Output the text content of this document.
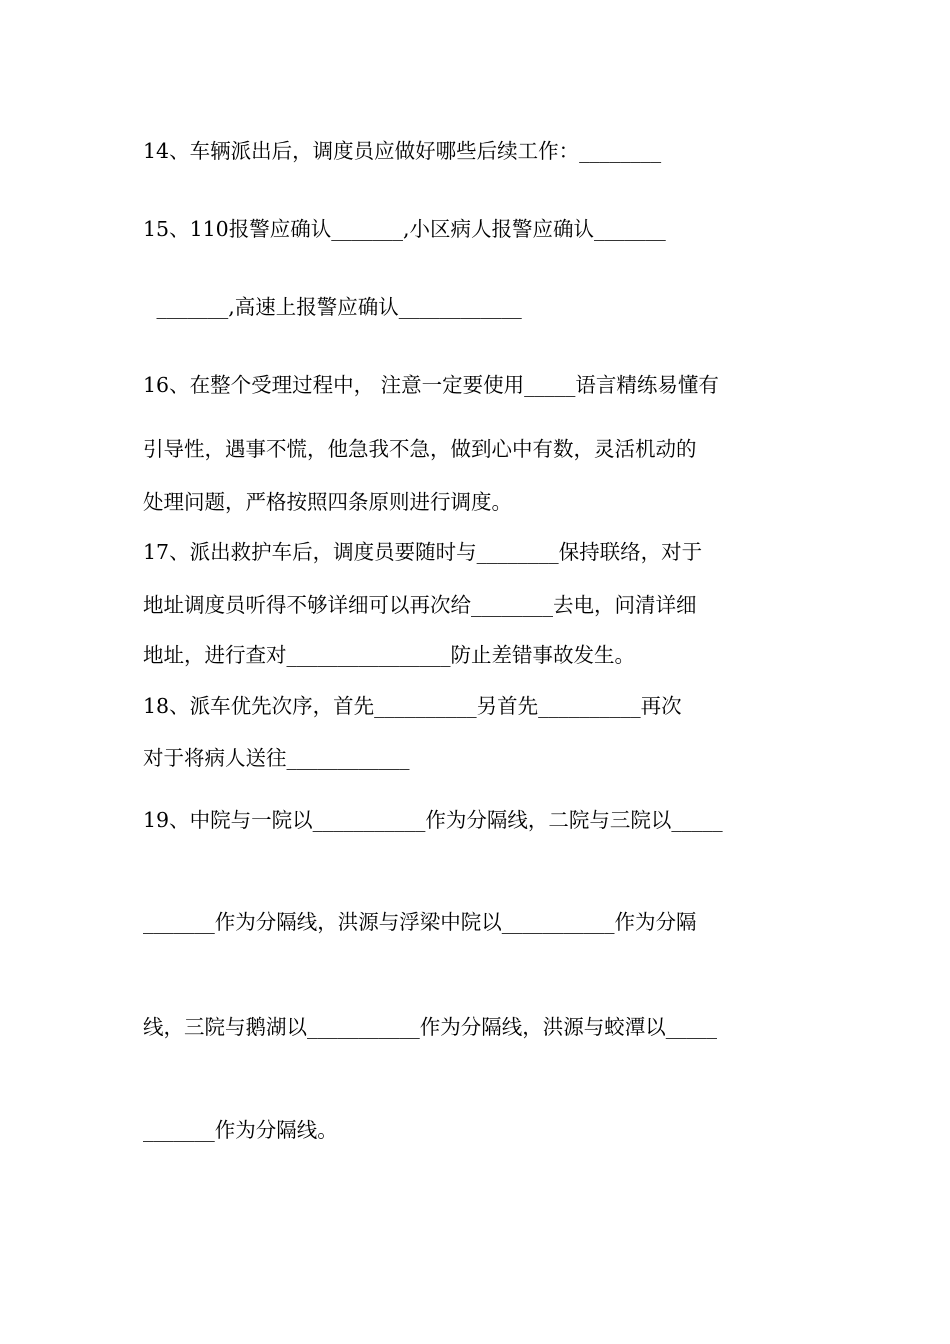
14、车辆派出后，调度员应做好哪些后续工作：________
15、110报警应确认_______,小区病人报警应确认_______
_______,高速上报警应确认____________
16、在整个受理过程中， 注意一定要使用_____语言精练易懂有
引导性，遇事不慌，他急我不急，做到心中有数，灵活机动的
处理问题，严格按照四条原则进行调度。
17、派出救护车后，调度员要随时与________保持联络，对于
地址调度员听得不够详细可以再次给________去电，问清详细
地址，进行查对________________防止差错事故发生。
18、派车优先次序，首先__________另首先__________再次
对于将病人送往____________
19、中院与一院以___________作为分隔线，二院与三院以_____
_______作为分隔线，洪源与浮梁中院以___________作为分隔
线，三院与鹅湖以___________作为分隔线，洪源与蛟潭以_____
_______作为分隔线。
